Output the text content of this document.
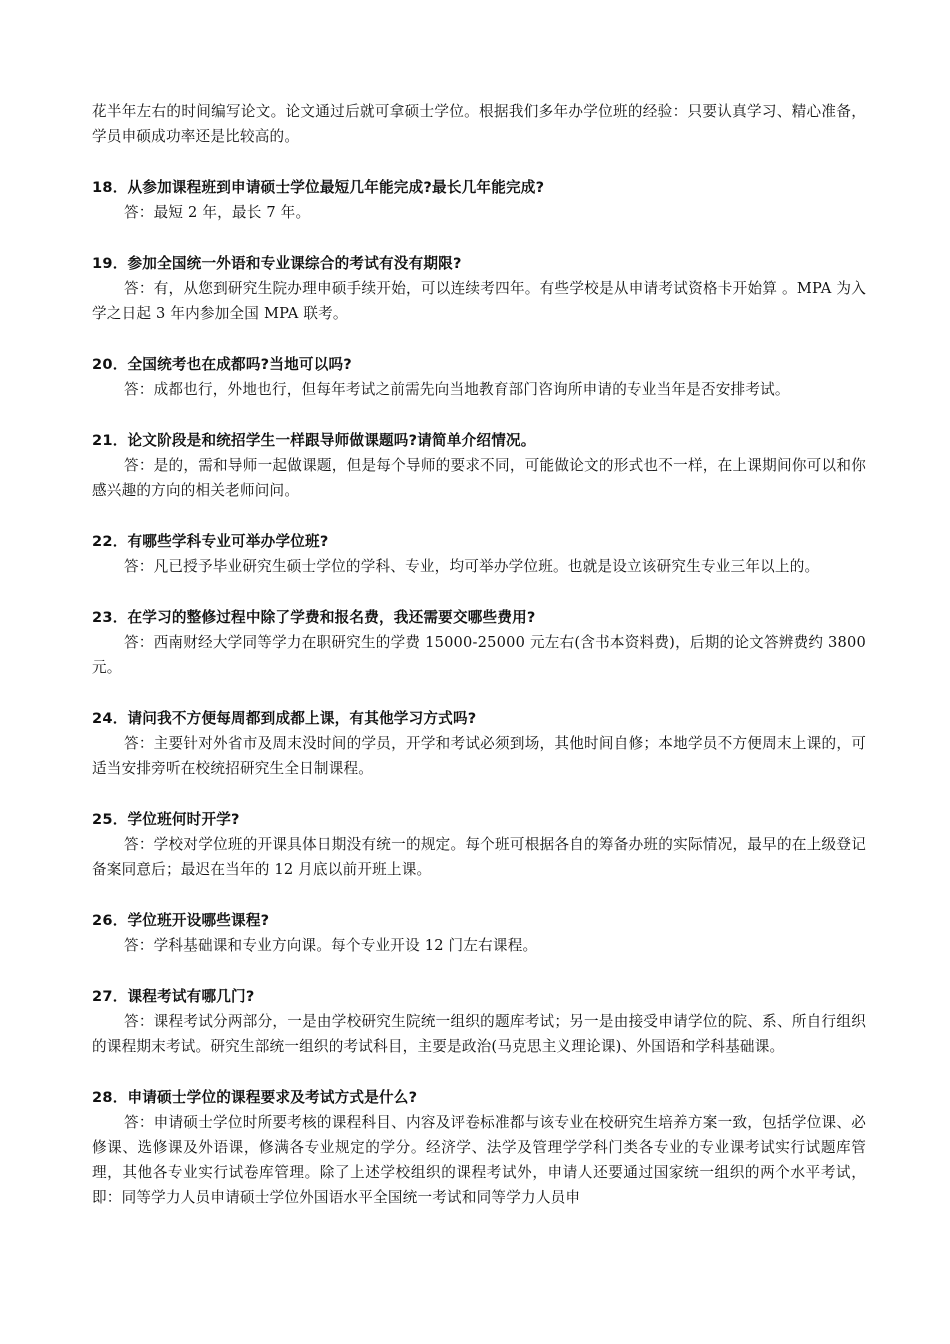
花半年左右的时间编写论文。论文通过后就可拿硕士学位。根据我们多年办学位班的经验：只要认真学习、精心准备，学员申硕成功率还是比较高的。

18．从参加课程班到申请硕士学位最短几年能完成?最长几年能完成?

答：最短 2 年，最长 7 年。

19．参加全国统一外语和专业课综合的考试有没有期限?

答：有，从您到研究生院办理申硕手续开始，可以连续考四年。有些学校是从申请考试资格卡开始算 。MPA 为入学之日起 3 年内参加全国 MPA 联考。

20．全国统考也在成都吗?当地可以吗?

答：成都也行，外地也行，但每年考试之前需先向当地教育部门咨询所申请的专业当年是否安排考试。

21．论文阶段是和统招学生一样跟导师做课题吗?请简单介绍情况。

答：是的，需和导师一起做课题，但是每个导师的要求不同，可能做论文的形式也不一样，在上课期间你可以和你感兴趣的方向的相关老师问问。

22．有哪些学科专业可举办学位班?

答：凡已授予毕业研究生硕士学位的学科、专业，均可举办学位班。也就是设立该研究生专业三年以上的。

23．在学习的整修过程中除了学费和报名费，我还需要交哪些费用?

答：西南财经大学同等学力在职研究生的学费 15000-25000 元左右(含书本资料费)，后期的论文答辨费约 3800 元。

24．请问我不方便每周都到成都上课，有其他学习方式吗?

答：主要针对外省市及周末没时间的学员，开学和考试必须到场，其他时间自修；本地学员不方便周末上课的，可适当安排旁听在校统招研究生全日制课程。

25．学位班何时开学?

答：学校对学位班的开课具体日期没有统一的规定。每个班可根据各自的筹备办班的实际情况，最早的在上级登记备案同意后；最迟在当年的 12 月底以前开班上课。

26．学位班开设哪些课程?

答：学科基础课和专业方向课。每个专业开设 12 门左右课程。

27．课程考试有哪几门?

答：课程考试分两部分，一是由学校研究生院统一组织的题库考试；另一是由接受申请学位的院、系、所自行组织的课程期末考试。研究生部统一组织的考试科目，主要是政治(马克思主义理论课)、外国语和学科基础课。

28．申请硕士学位的课程要求及考试方式是什么?

答：申请硕士学位时所要考核的课程科目、内容及评卷标准都与该专业在校研究生培养方案一致，包括学位课、必修课、选修课及外语课，修满各专业规定的学分。经济学、法学及管理学学科门类各专业的专业课考试实行试题库管理，其他各专业实行试卷库管理。除了上述学校组织的课程考试外，申请人还要通过国家统一组织的两个水平考试，即：同等学力人员申请硕士学位外国语水平全国统一考试和同等学力人员申
